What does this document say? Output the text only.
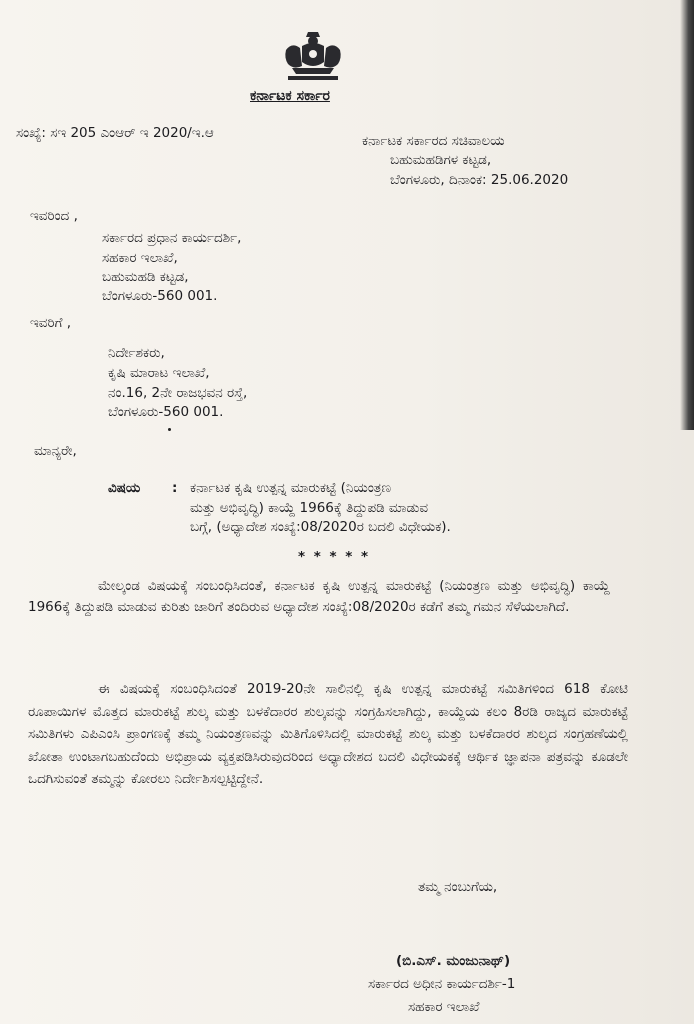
ಕರ್ನಾಟಕ ಸರ್ಕಾರ
ಸಂಖ್ಯೆ: ಸಇ 205 ಎಂಆರ್ ಇ 2020/ಇ.ಆ	ಕರ್ನಾಟಕ ಸರ್ಕಾರದ ಸಚಿವಾಲಯ
ಬಹುಮಹಡಿಗಳ ಕಟ್ಟಡ,
ಬೆಂಗಳೂರು, ದಿನಾಂಕ: 25.06.2020
ಇವರಿಂದ ,
ಸರ್ಕಾರದ ಪ್ರಧಾನ ಕಾರ್ಯದರ್ಶಿ,
ಸಹಕಾರ ಇಲಾಖೆ,
ಬಹುಮಹಡಿ ಕಟ್ಟಡ,
ಬೆಂಗಳೂರು-560 001.
ಇವರಿಗೆ ,
ನಿರ್ದೇಶಕರು,
ಕೃಷಿ ಮಾರಾಟ ಇಲಾಖೆ,
ನಂ.16, 2ನೇ ರಾಜಭವನ ರಸ್ತೆ,
ಬೆಂಗಳೂರು-560 001.
ಮಾನ್ಯರೇ,
ವಿಷಯ : ಕರ್ನಾಟಕ ಕೃಷಿ ಉತ್ಪನ್ನ ಮಾರುಕಟ್ಟೆ (ನಿಯಂತ್ರಣ
ಮತ್ತು ಅಭಿವೃದ್ಧಿ) ಕಾಯ್ದೆ 1966ಕ್ಕೆ ತಿದ್ದುಪಡಿ ಮಾಡುವ
ಬಗ್ಗೆ, (ಅಧ್ಯಾದೇಶ ಸಂಖ್ಯೆ:08/2020ರ ಬದಲಿ ವಿಧೇಯಕ).
* * * * *
ಮೇಲ್ಕಂಡ ವಿಷಯಕ್ಕೆ ಸಂಬಂಧಿಸಿದಂತೆ, ಕರ್ನಾಟಕ ಕೃಷಿ ಉತ್ಪನ್ನ ಮಾರುಕಟ್ಟೆ (ನಿಯಂತ್ರಣ ಮತ್ತು ಅಭಿವೃದ್ಧಿ) ಕಾಯ್ದೆ 1966ಕ್ಕೆ ತಿದ್ದುಪಡಿ ಮಾಡುವ ಕುರಿತು ಜಾರಿಗೆ ತಂದಿರುವ ಅಧ್ಯಾದೇಶ ಸಂಖ್ಯೆ:08/2020ರ ಕಡೆಗೆ ತಮ್ಮ ಗಮನ ಸೆಳೆಯಲಾಗಿದೆ.
ಈ ವಿಷಯಕ್ಕೆ ಸಂಬಂಧಿಸಿದಂತೆ 2019-20ನೇ ಸಾಲಿನಲ್ಲಿ ಕೃಷಿ ಉತ್ಪನ್ನ ಮಾರುಕಟ್ಟೆ ಸಮಿತಿಗಳಿಂದ 618 ಕೋಟಿ ರೂಪಾಯಿಗಳ ಮೊತ್ತದ ಮಾರುಕಟ್ಟೆ ಶುಲ್ಕ ಮತ್ತು ಬಳಕೆದಾರರ ಶುಲ್ಕವನ್ನು ಸಂಗ್ರಹಿಸಲಾಗಿದ್ದು, ಕಾಯ್ದೆಯ ಕಲಂ 8ರಡಿ ರಾಜ್ಯದ ಮಾರುಕಟ್ಟೆ ಸಮಿತಿಗಳು ಎಪಿಎಂಸಿ ಪ್ರಾಂಗಣಕ್ಕೆ ತಮ್ಮ ನಿಯಂತ್ರಣವನ್ನು ಮಿತಿಗೊಳಿಸಿದಲ್ಲಿ ಮಾರುಕಟ್ಟೆ ಶುಲ್ಕ ಮತ್ತು ಬಳಕೆದಾರರ ಶುಲ್ಕದ ಸಂಗ್ರಹಣೆಯಲ್ಲಿ ಖೋತಾ ಉಂಟಾಗಬಹುದೆಂದು ಅಭಿಪ್ರಾಯ ವ್ಯಕ್ತಪಡಿಸಿರುವುದರಿಂದ ಅಧ್ಯಾದೇಶದ ಬದಲಿ ವಿಧೇಯಕಕ್ಕೆ ಆರ್ಥಿಕ ಜ್ಞಾಪನಾ ಪತ್ರವನ್ನು ಕೂಡಲೇ ಒದಗಿಸುವಂತೆ ತಮ್ಮನ್ನು ಕೋರಲು ನಿರ್ದೇಶಿಸಲ್ಪಟ್ಟಿದ್ದೇನೆ.
ತಮ್ಮ ನಂಬುಗೆಯ,
(ಬಿ.ಎಸ್. ಮಂಜುನಾಥ್)
ಸರ್ಕಾರದ ಅಧೀನ ಕಾರ್ಯದರ್ಶಿ-1
ಸಹಕಾರ ಇಲಾಖೆ
